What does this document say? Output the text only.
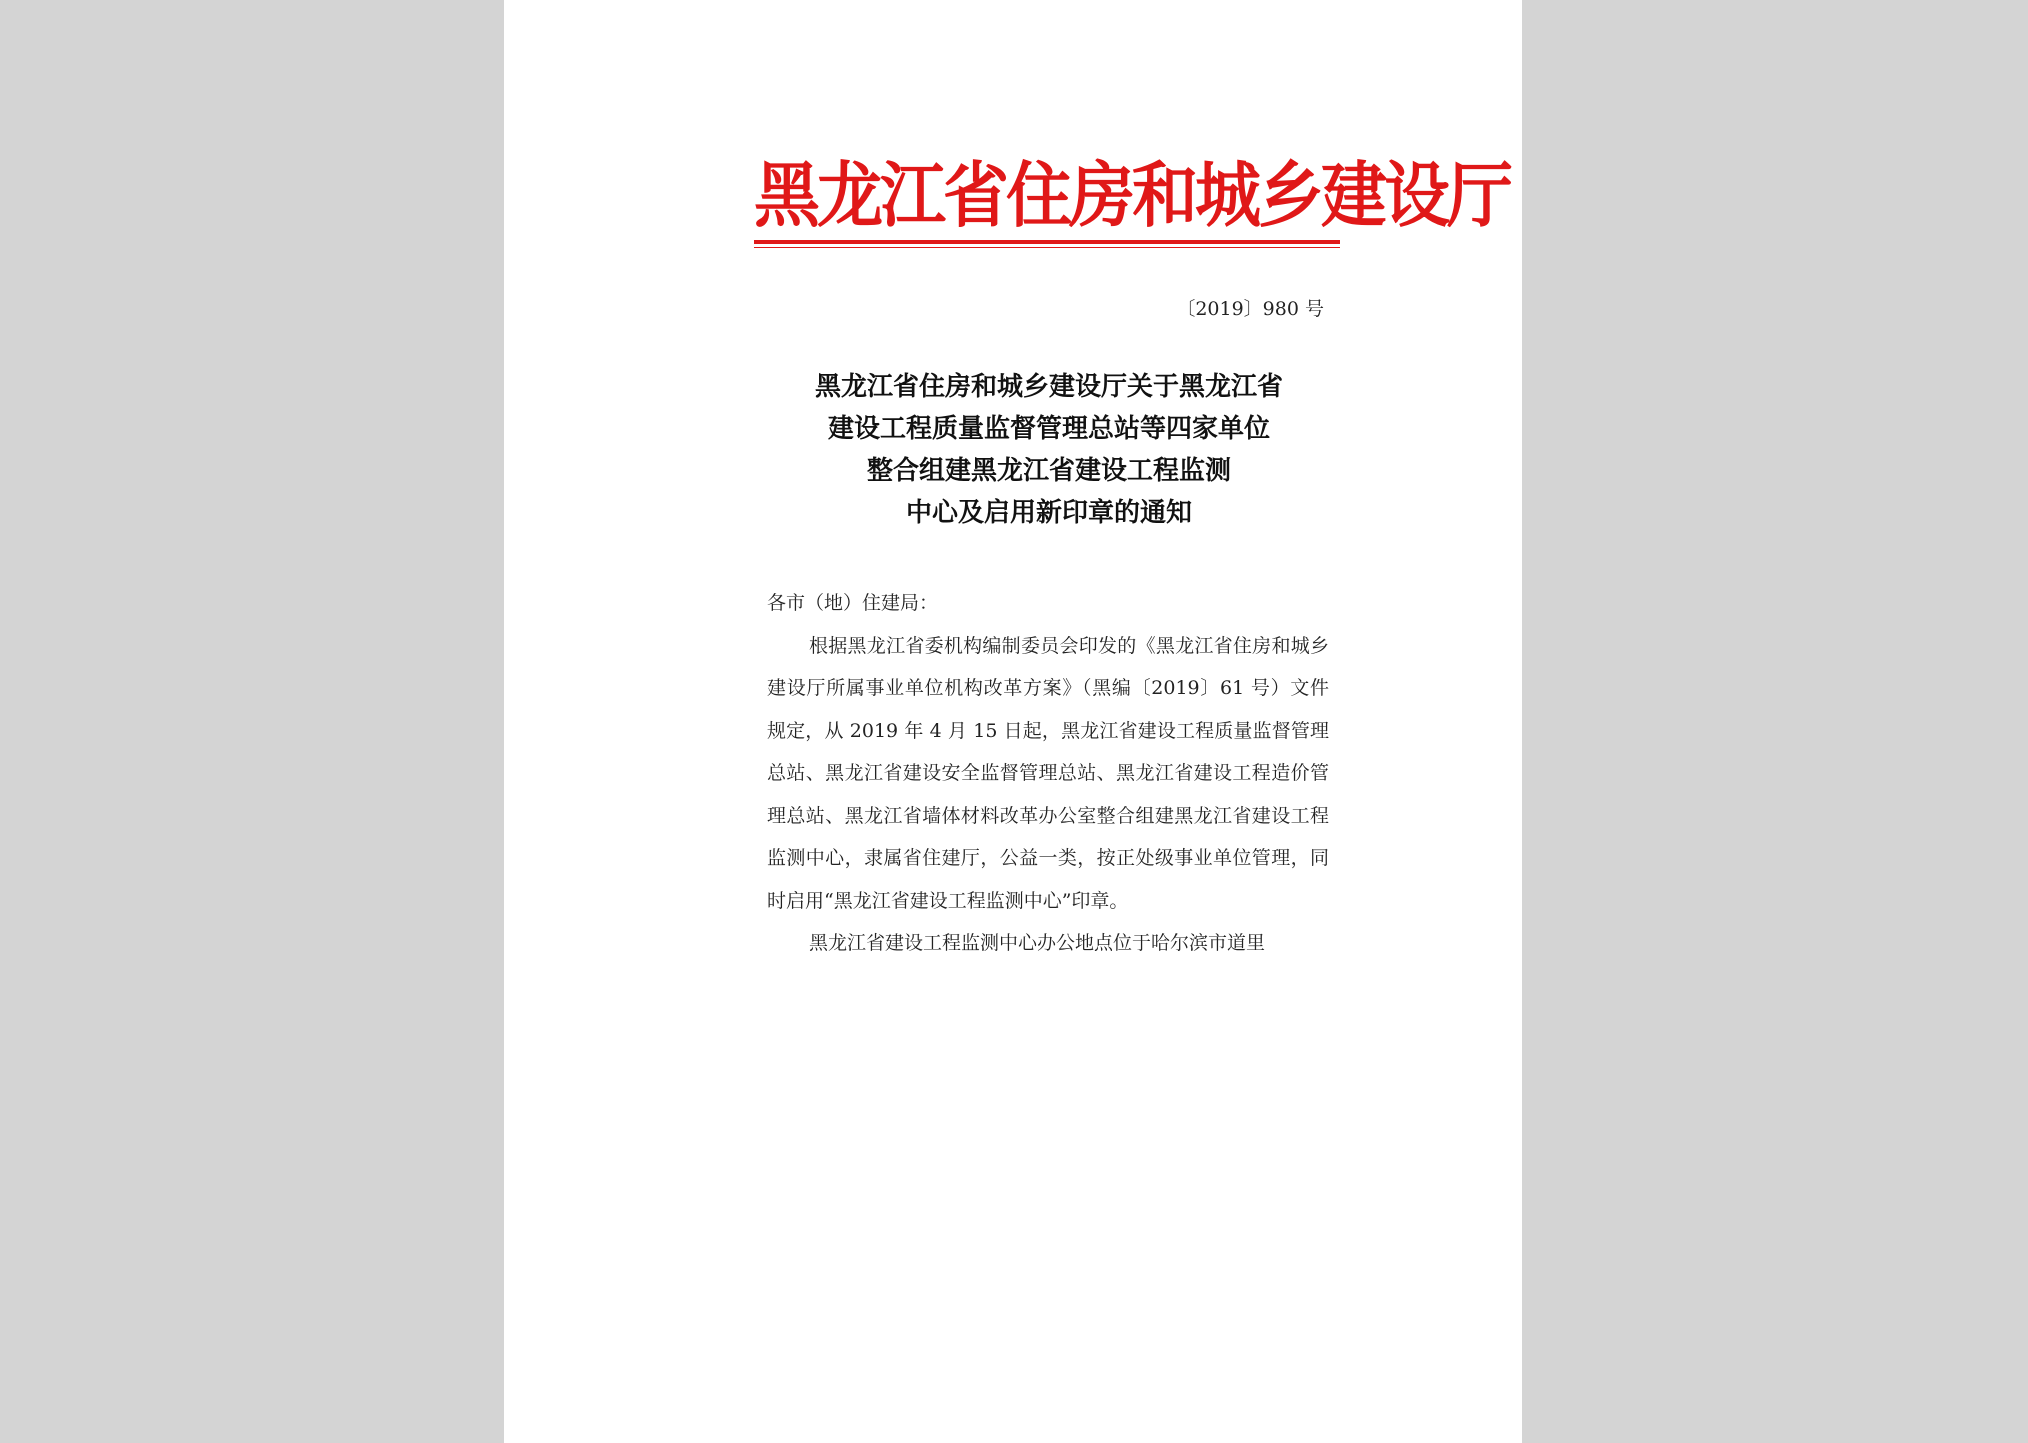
黑龙江省住房和城乡建设厅
〔2019〕980 号
黑龙江省住房和城乡建设厅关于黑龙江省
建设工程质量监督管理总站等四家单位
整合组建黑龙江省建设工程监测
中心及启用新印章的通知

各市（地）住建局：

根据黑龙江省委机构编制委员会印发的《黑龙江省住房和城乡建设厅所属事业单位机构改革方案》（黑编〔2019〕61 号）文件规定，从 2019 年 4 月 15 日起，黑龙江省建设工程质量监督管理总站、黑龙江省建设安全监督管理总站、黑龙江省建设工程造价管理总站、黑龙江省墙体材料改革办公室整合组建黑龙江省建设工程监测中心，隶属省住建厅，公益一类，按正处级事业单位管理，同时启用“黑龙江省建设工程监测中心”印章。

黑龙江省建设工程监测中心办公地点位于哈尔滨市道里
